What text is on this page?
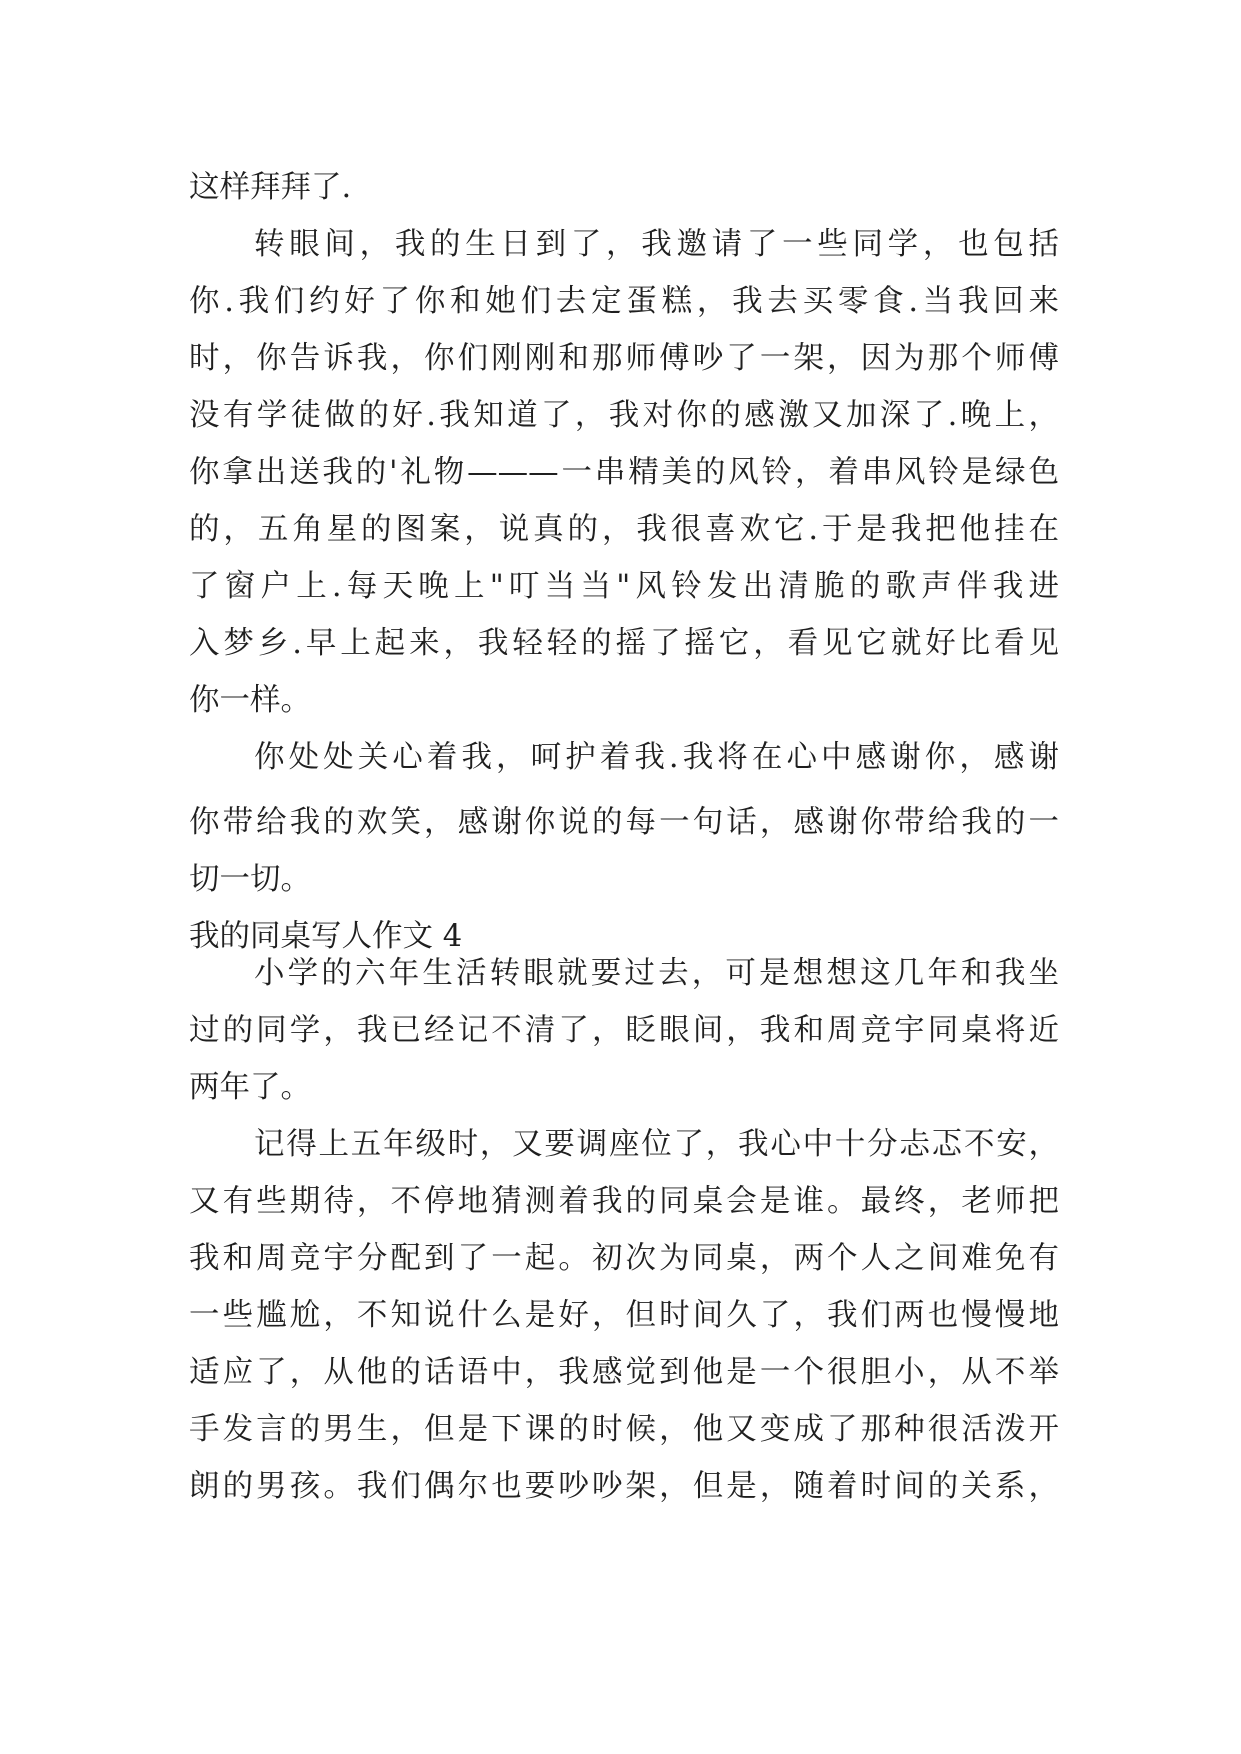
这样拜拜了.

转眼间，我的生日到了，我邀请了一些同学，也包括

你.我们约好了你和她们去定蛋糕，我去买零食.当我回来

时，你告诉我，你们刚刚和那师傅吵了一架，因为那个师傅

没有学徒做的好.我知道了，我对你的感激又加深了.晚上，

你拿出送我的'礼物———一串精美的风铃，着串风铃是绿色

的，五角星的图案，说真的，我很喜欢它.于是我把他挂在

了窗户上.每天晚上"叮当当"风铃发出清脆的歌声伴我进

入梦乡.早上起来，我轻轻的摇了摇它，看见它就好比看见

你一样。

你处处关心着我，呵护着我.我将在心中感谢你，感谢

你带给我的欢笑，感谢你说的每一句话，感谢你带给我的一

切一切。

我的同桌写人作文 4

小学的六年生活转眼就要过去，可是想想这几年和我坐

过的同学，我已经记不清了，眨眼间，我和周竞宇同桌将近

两年了。

记得上五年级时，又要调座位了，我心中十分忐忑不安，

又有些期待，不停地猜测着我的同桌会是谁。最终，老师把

我和周竞宇分配到了一起。初次为同桌，两个人之间难免有

一些尴尬，不知说什么是好，但时间久了，我们两也慢慢地

适应了，从他的话语中，我感觉到他是一个很胆小，从不举

手发言的男生，但是下课的时候，他又变成了那种很活泼开

朗的男孩。我们偶尔也要吵吵架，但是，随着时间的关系，
